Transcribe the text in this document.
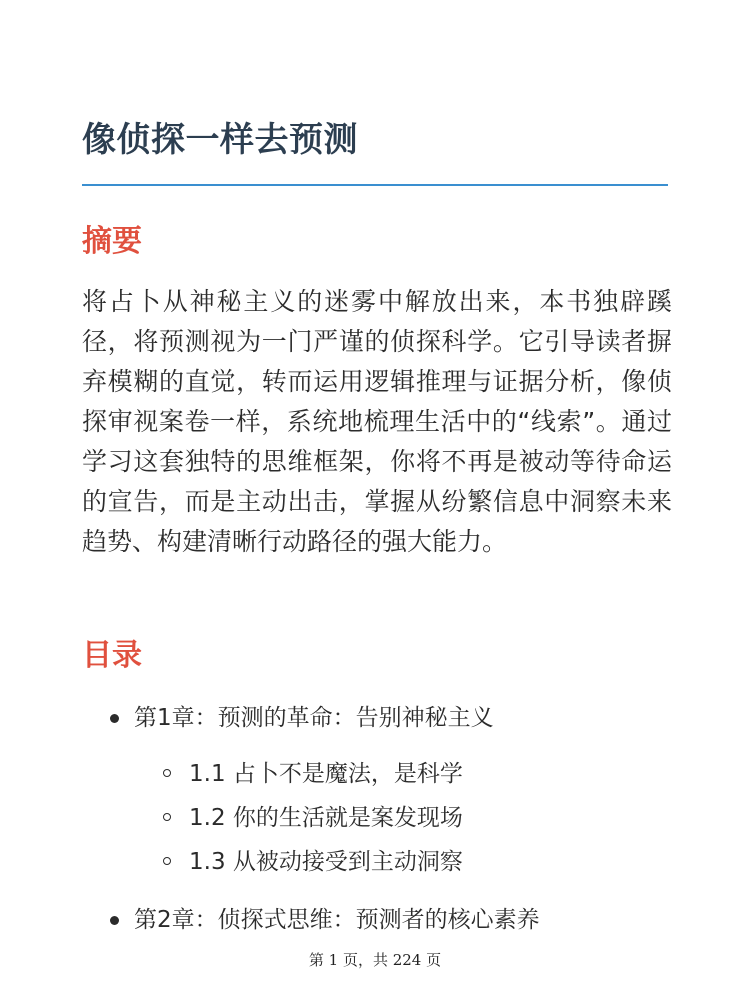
像侦探一样去预测
摘要

将占卜从神秘主义的迷雾中解放出来，本书独辟蹊径，将预测视为一门严谨的侦探科学。它引导读者摒弃模糊的直觉，转而运用逻辑推理与证据分析，像侦探审视案卷一样，系统地梳理生活中的“线索”。通过学习这套独特的思维框架，你将不再是被动等待命运的宣告，而是主动出击，掌握从纷繁信息中洞察未来趋势、构建清晰行动路径的强大能力。

目录
第1章：预测的革命：告别神秘主义
1.1 占卜不是魔法，是科学
1.2 你的生活就是案发现场
1.3 从被动接受到主动洞察
第2章：侦探式思维：预测者的核心素养
第 1 页，共 224 页
